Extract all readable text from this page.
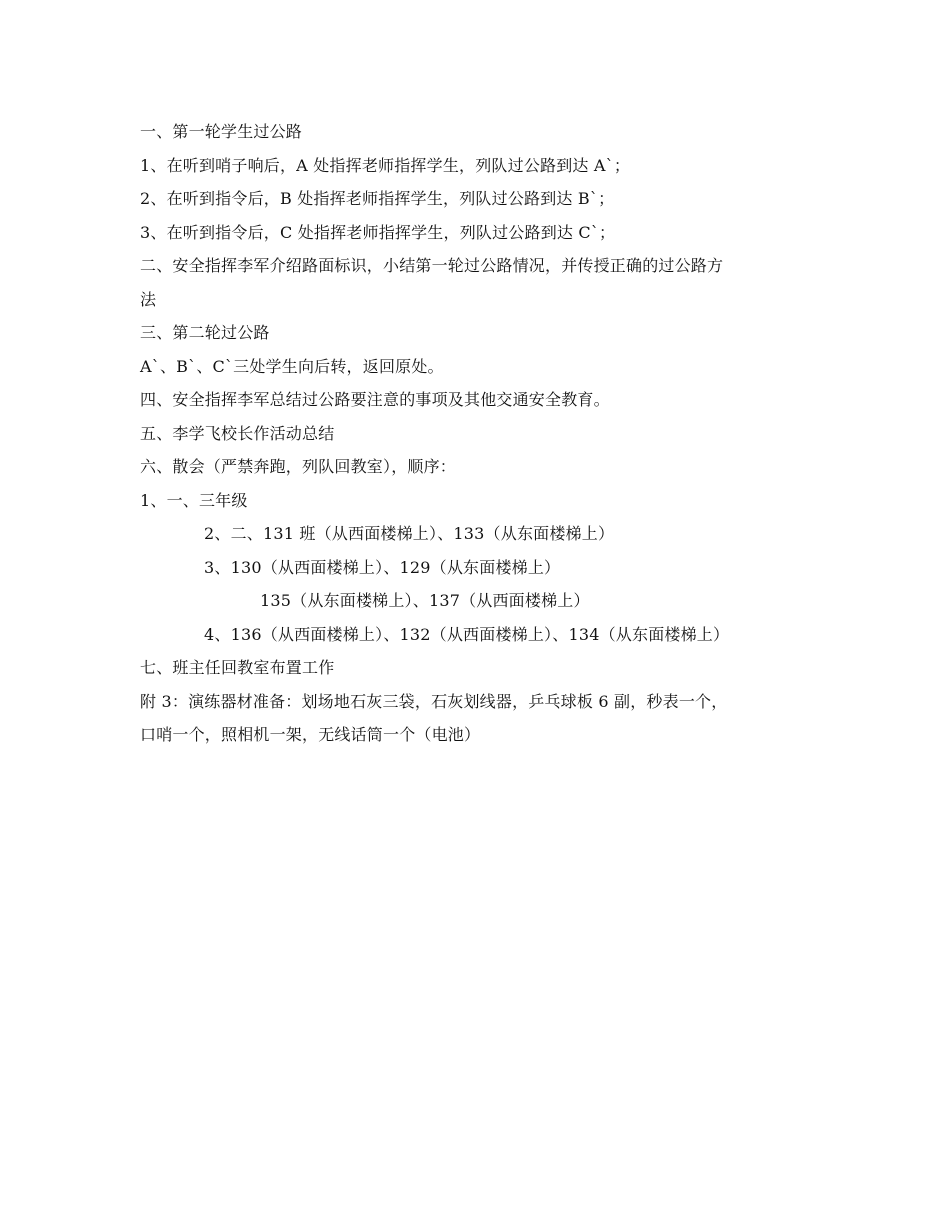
一、第一轮学生过公路
1、在听到哨子响后，A 处指挥老师指挥学生，列队过公路到达 A`；
2、在听到指令后，B 处指挥老师指挥学生，列队过公路到达 B`；
3、在听到指令后，C 处指挥老师指挥学生，列队过公路到达 C`；
二、安全指挥李军介绍路面标识，小结第一轮过公路情况，并传授正确的过公路方
法
三、第二轮过公路
A`、B`、C`三处学生向后转，返回原处。
四、安全指挥李军总结过公路要注意的事项及其他交通安全教育。
五、李学飞校长作活动总结
六、散会（严禁奔跑，列队回教室），顺序：
1、一、三年级
2、二、131 班（从西面楼梯上）、133（从东面楼梯上）
3、130（从西面楼梯上）、129（从东面楼梯上）
135（从东面楼梯上）、137（从西面楼梯上）
4、136（从西面楼梯上）、132（从西面楼梯上）、134（从东面楼梯上）
七、班主任回教室布置工作
附 3：演练器材准备：划场地石灰三袋，石灰划线器，乒乓球板 6 副，秒表一个，
口哨一个，照相机一架，无线话筒一个（电池）
